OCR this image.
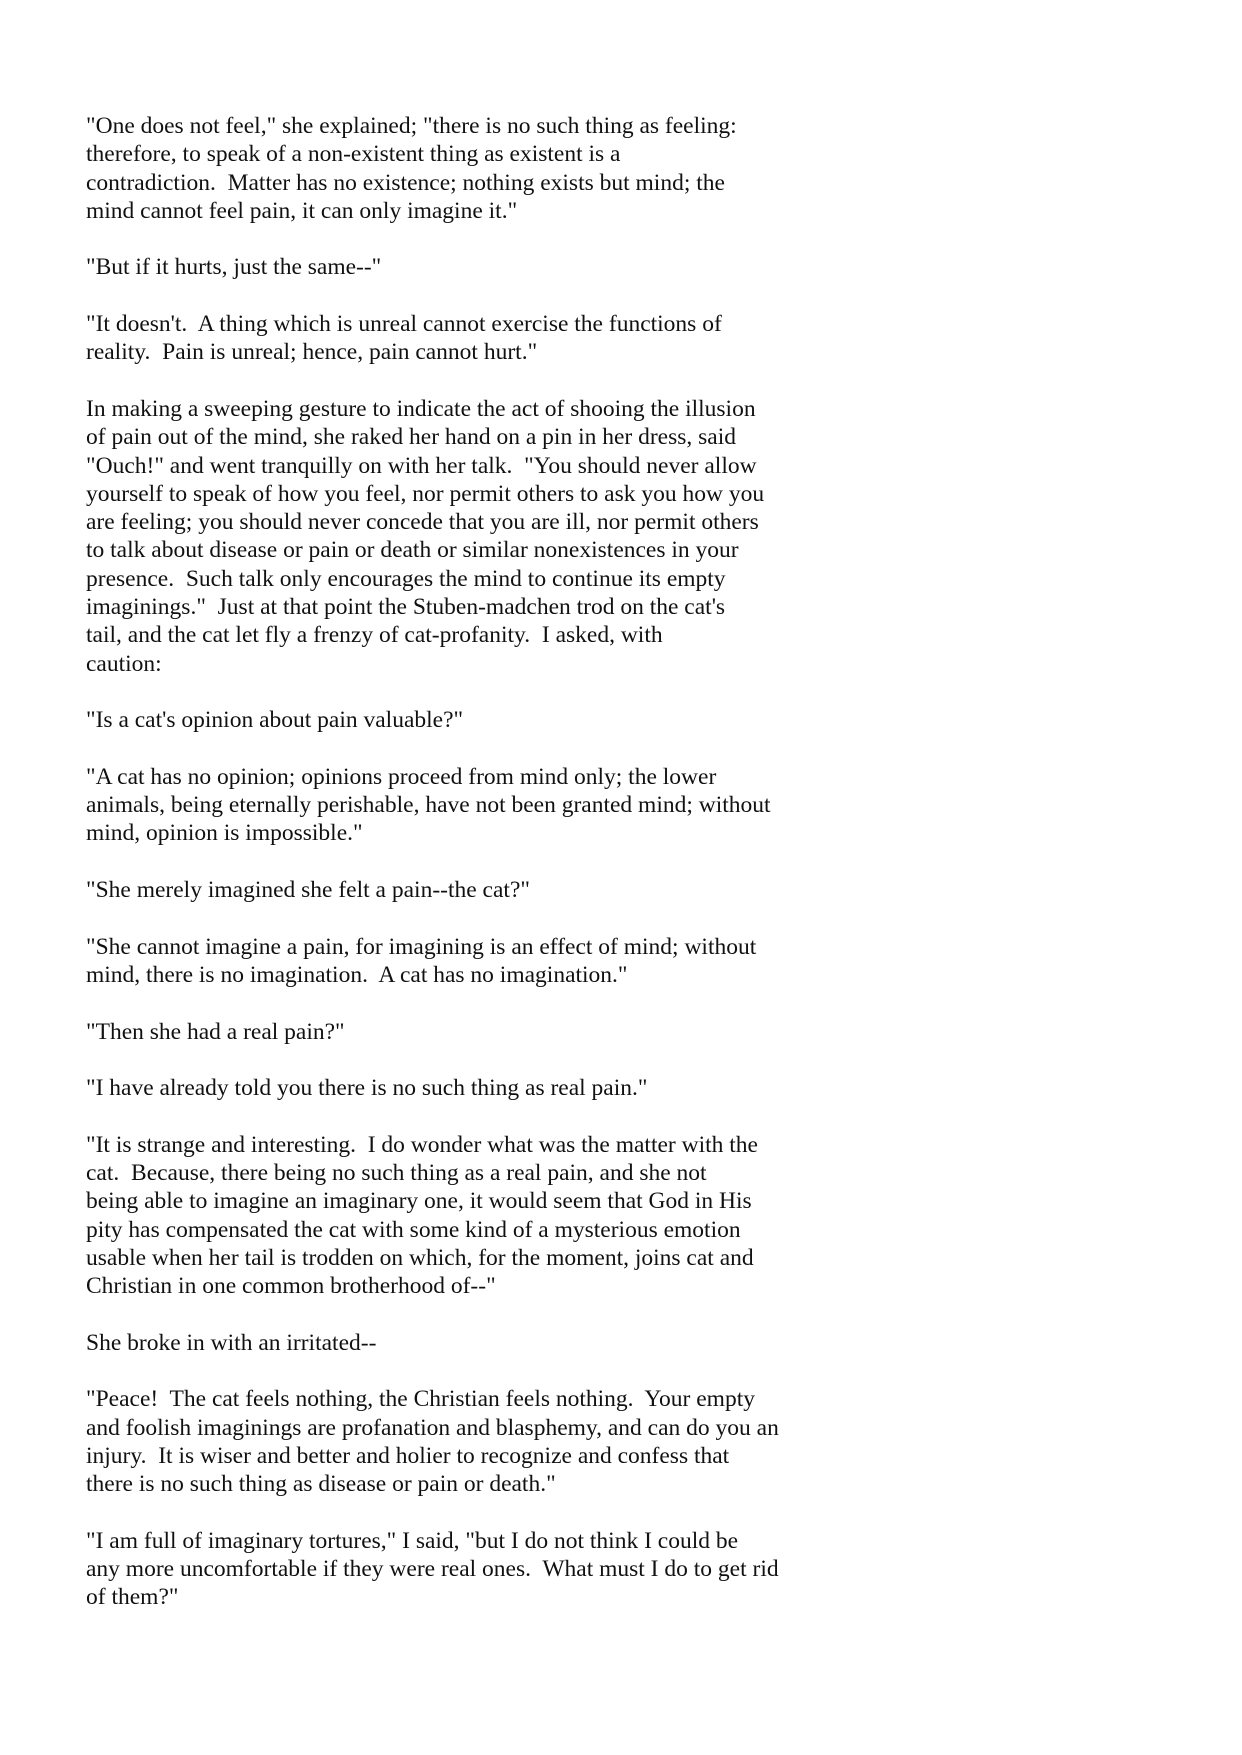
"One does not feel," she explained; "there is no such thing as feeling:
therefore, to speak of a non-existent thing as existent is a
contradiction.  Matter has no existence; nothing exists but mind; the
mind cannot feel pain, it can only imagine it."

"But if it hurts, just the same--"

"It doesn't.  A thing which is unreal cannot exercise the functions of
reality.  Pain is unreal; hence, pain cannot hurt."

In making a sweeping gesture to indicate the act of shooing the illusion
of pain out of the mind, she raked her hand on a pin in her dress, said
"Ouch!" and went tranquilly on with her talk.  "You should never allow
yourself to speak of how you feel, nor permit others to ask you how you
are feeling; you should never concede that you are ill, nor permit others
to talk about disease or pain or death or similar nonexistences in your
presence.  Such talk only encourages the mind to continue its empty
imaginings."  Just at that point the Stuben-madchen trod on the cat's
tail, and the cat let fly a frenzy of cat-profanity.  I asked, with
caution:

"Is a cat's opinion about pain valuable?"

"A cat has no opinion; opinions proceed from mind only; the lower
animals, being eternally perishable, have not been granted mind; without
mind, opinion is impossible."

"She merely imagined she felt a pain--the cat?"

"She cannot imagine a pain, for imagining is an effect of mind; without
mind, there is no imagination.  A cat has no imagination."

"Then she had a real pain?"

"I have already told you there is no such thing as real pain."

"It is strange and interesting.  I do wonder what was the matter with the
cat.  Because, there being no such thing as a real pain, and she not
being able to imagine an imaginary one, it would seem that God in His
pity has compensated the cat with some kind of a mysterious emotion
usable when her tail is trodden on which, for the moment, joins cat and
Christian in one common brotherhood of--"

She broke in with an irritated--

"Peace!  The cat feels nothing, the Christian feels nothing.  Your empty
and foolish imaginings are profanation and blasphemy, and can do you an
injury.  It is wiser and better and holier to recognize and confess that
there is no such thing as disease or pain or death."

"I am full of imaginary tortures," I said, "but I do not think I could be
any more uncomfortable if they were real ones.  What must I do to get rid
of them?"
